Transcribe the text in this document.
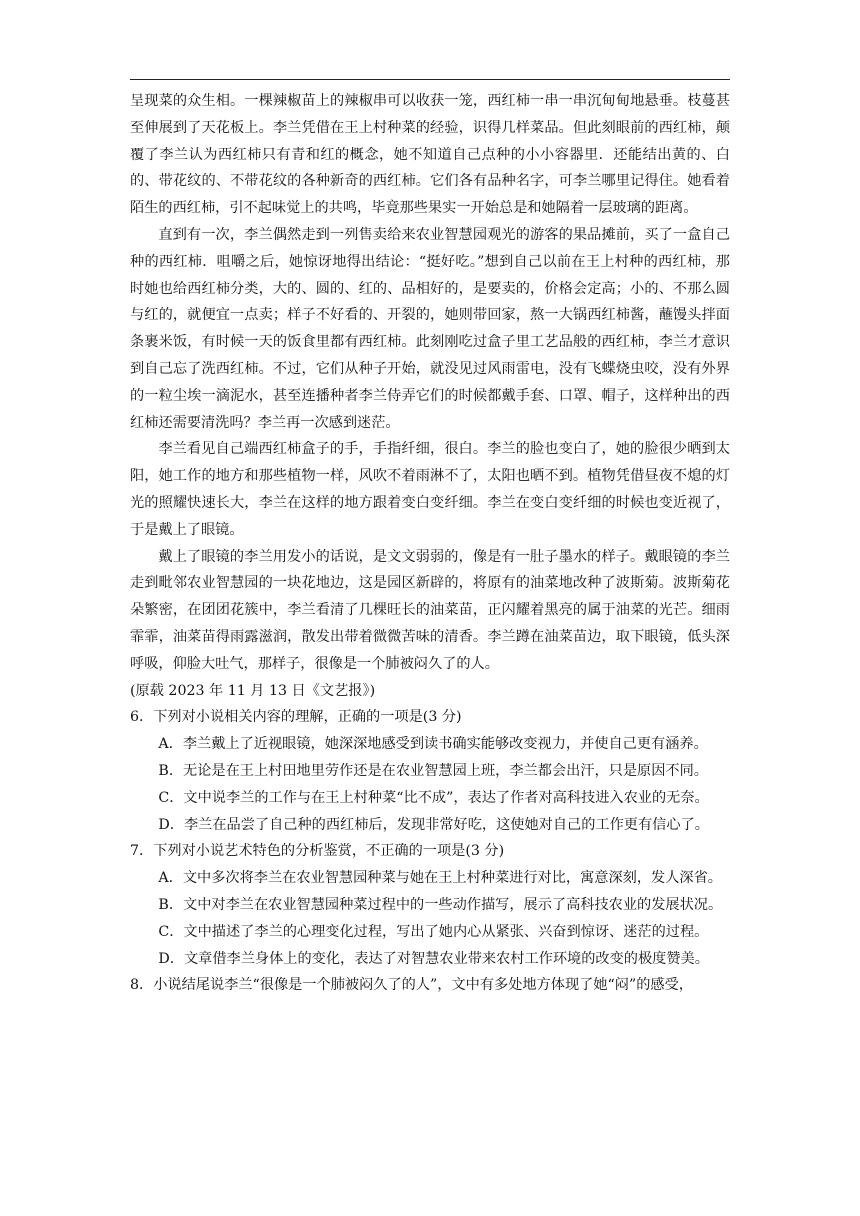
呈现菜的众生相。一棵辣椒苗上的辣椒串可以收获一笼，西红柿一串一串沉甸甸地悬垂。枝蔓甚至伸展到了天花板上。李兰凭借在王上村种菜的经验，识得几样菜品。但此刻眼前的西红柿，颠覆了李兰认为西红柿只有青和红的概念，她不知道自己点种的小小容器里．还能结出黄的、白的、带花纹的、不带花纹的各种新奇的西红柿。它们各有品种名字，可李兰哪里记得住。她看着陌生的西红柿，引不起味觉上的共鸣，毕竟那些果实一开始总是和她隔着一层玻璃的距离。

直到有一次，李兰偶然走到一列售卖给来农业智慧园观光的游客的果品摊前，买了一盒自己种的西红柿．咀嚼之后，她惊讶地得出结论：“挺好吃。”想到自己以前在王上村种的西红柿，那时她也给西红柿分类，大的、圆的、红的、品相好的，是要卖的，价格会定高；小的、不那么圆与红的，就便宜一点卖；样子不好看的、开裂的，她则带回家，熬一大锅西红柿酱，蘸馒头拌面条裹米饭，有时候一天的饭食里都有西红柿。此刻刚吃过盒子里工艺品般的西红柿，李兰才意识到自己忘了洗西红柿。不过，它们从种子开始，就没见过风雨雷电，没有飞蝶烧虫咬，没有外界的一粒尘埃一滴泥水，甚至连播种者李兰侍弄它们的时候都戴手套、口罩、帽子，这样种出的西红柿还需要清洗吗？李兰再一次感到迷茫。

李兰看见自己端西红柿盒子的手，手指纤细，很白。李兰的脸也变白了，她的脸很少晒到太阳，她工作的地方和那些植物一样，风吹不着雨淋不了，太阳也晒不到。植物凭借昼夜不熄的灯光的照耀快速长大，李兰在这样的地方跟着变白变纤细。李兰在变白变纤细的时候也变近视了，于是戴上了眼镜。

戴上了眼镜的李兰用发小的话说，是文文弱弱的，像是有一肚子墨水的样子。戴眼镜的李兰走到毗邻农业智慧园的一块花地边，这是园区新辟的，将原有的油菜地改种了波斯菊。波斯菊花朵繁密，在团团花簇中，李兰看清了几棵旺长的油菜苗，正闪耀着黑亮的属于油菜的光芒。细雨霏霏，油菜苗得雨露滋润，散发出带着微微苦味的清香。李兰蹲在油菜苗边，取下眼镜，低头深呼吸，仰脸大吐气，那样子，很像是一个肺被闷久了的人。

(原载 2023 年 11 月 13 日《文艺报》)

6．下列对小说相关内容的理解，正确的一项是(3 分)

A．李兰戴上了近视眼镜，她深深地感受到读书确实能够改变视力，并使自己更有涵养。

B．无论是在王上村田地里劳作还是在农业智慧园上班，李兰都会出汗，只是原因不同。

C．文中说李兰的工作与在王上村种菜“比不成”，表达了作者对高科技进入农业的无奈。

D．李兰在品尝了自己种的西红柿后，发现非常好吃，这使她对自己的工作更有信心了。

7．下列对小说艺术特色的分析鉴赏，不正确的一项是(3 分)

A．文中多次将李兰在农业智慧园种菜与她在王上村种菜进行对比，寓意深刻，发人深省。

B．文中对李兰在农业智慧园种菜过程中的一些动作描写，展示了高科技农业的发展状况。

C．文中描述了李兰的心理变化过程，写出了她内心从紧张、兴奋到惊讶、迷茫的过程。

D．文章借李兰身体上的变化，表达了对智慧农业带来农村工作环境的改变的极度赞美。

8．小说结尾说李兰“很像是一个肺被闷久了的人”，文中有多处地方体现了她“闷”的感受，
